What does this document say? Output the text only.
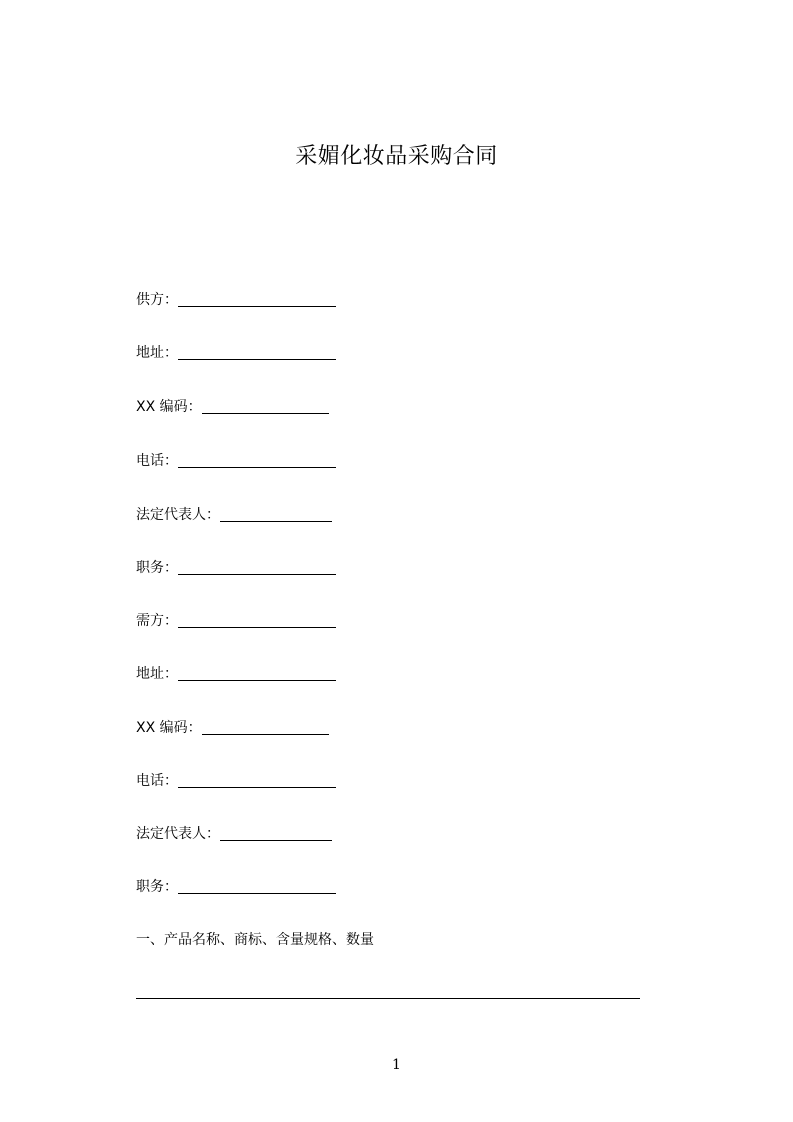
采媚化妆品采购合同
供方：
地址：
XX 编码：
电话：
法定代表人：
职务：
需方：
地址：
XX 编码：
电话：
法定代表人：
职务：
一、产品名称、商标、含量规格、数量
1
